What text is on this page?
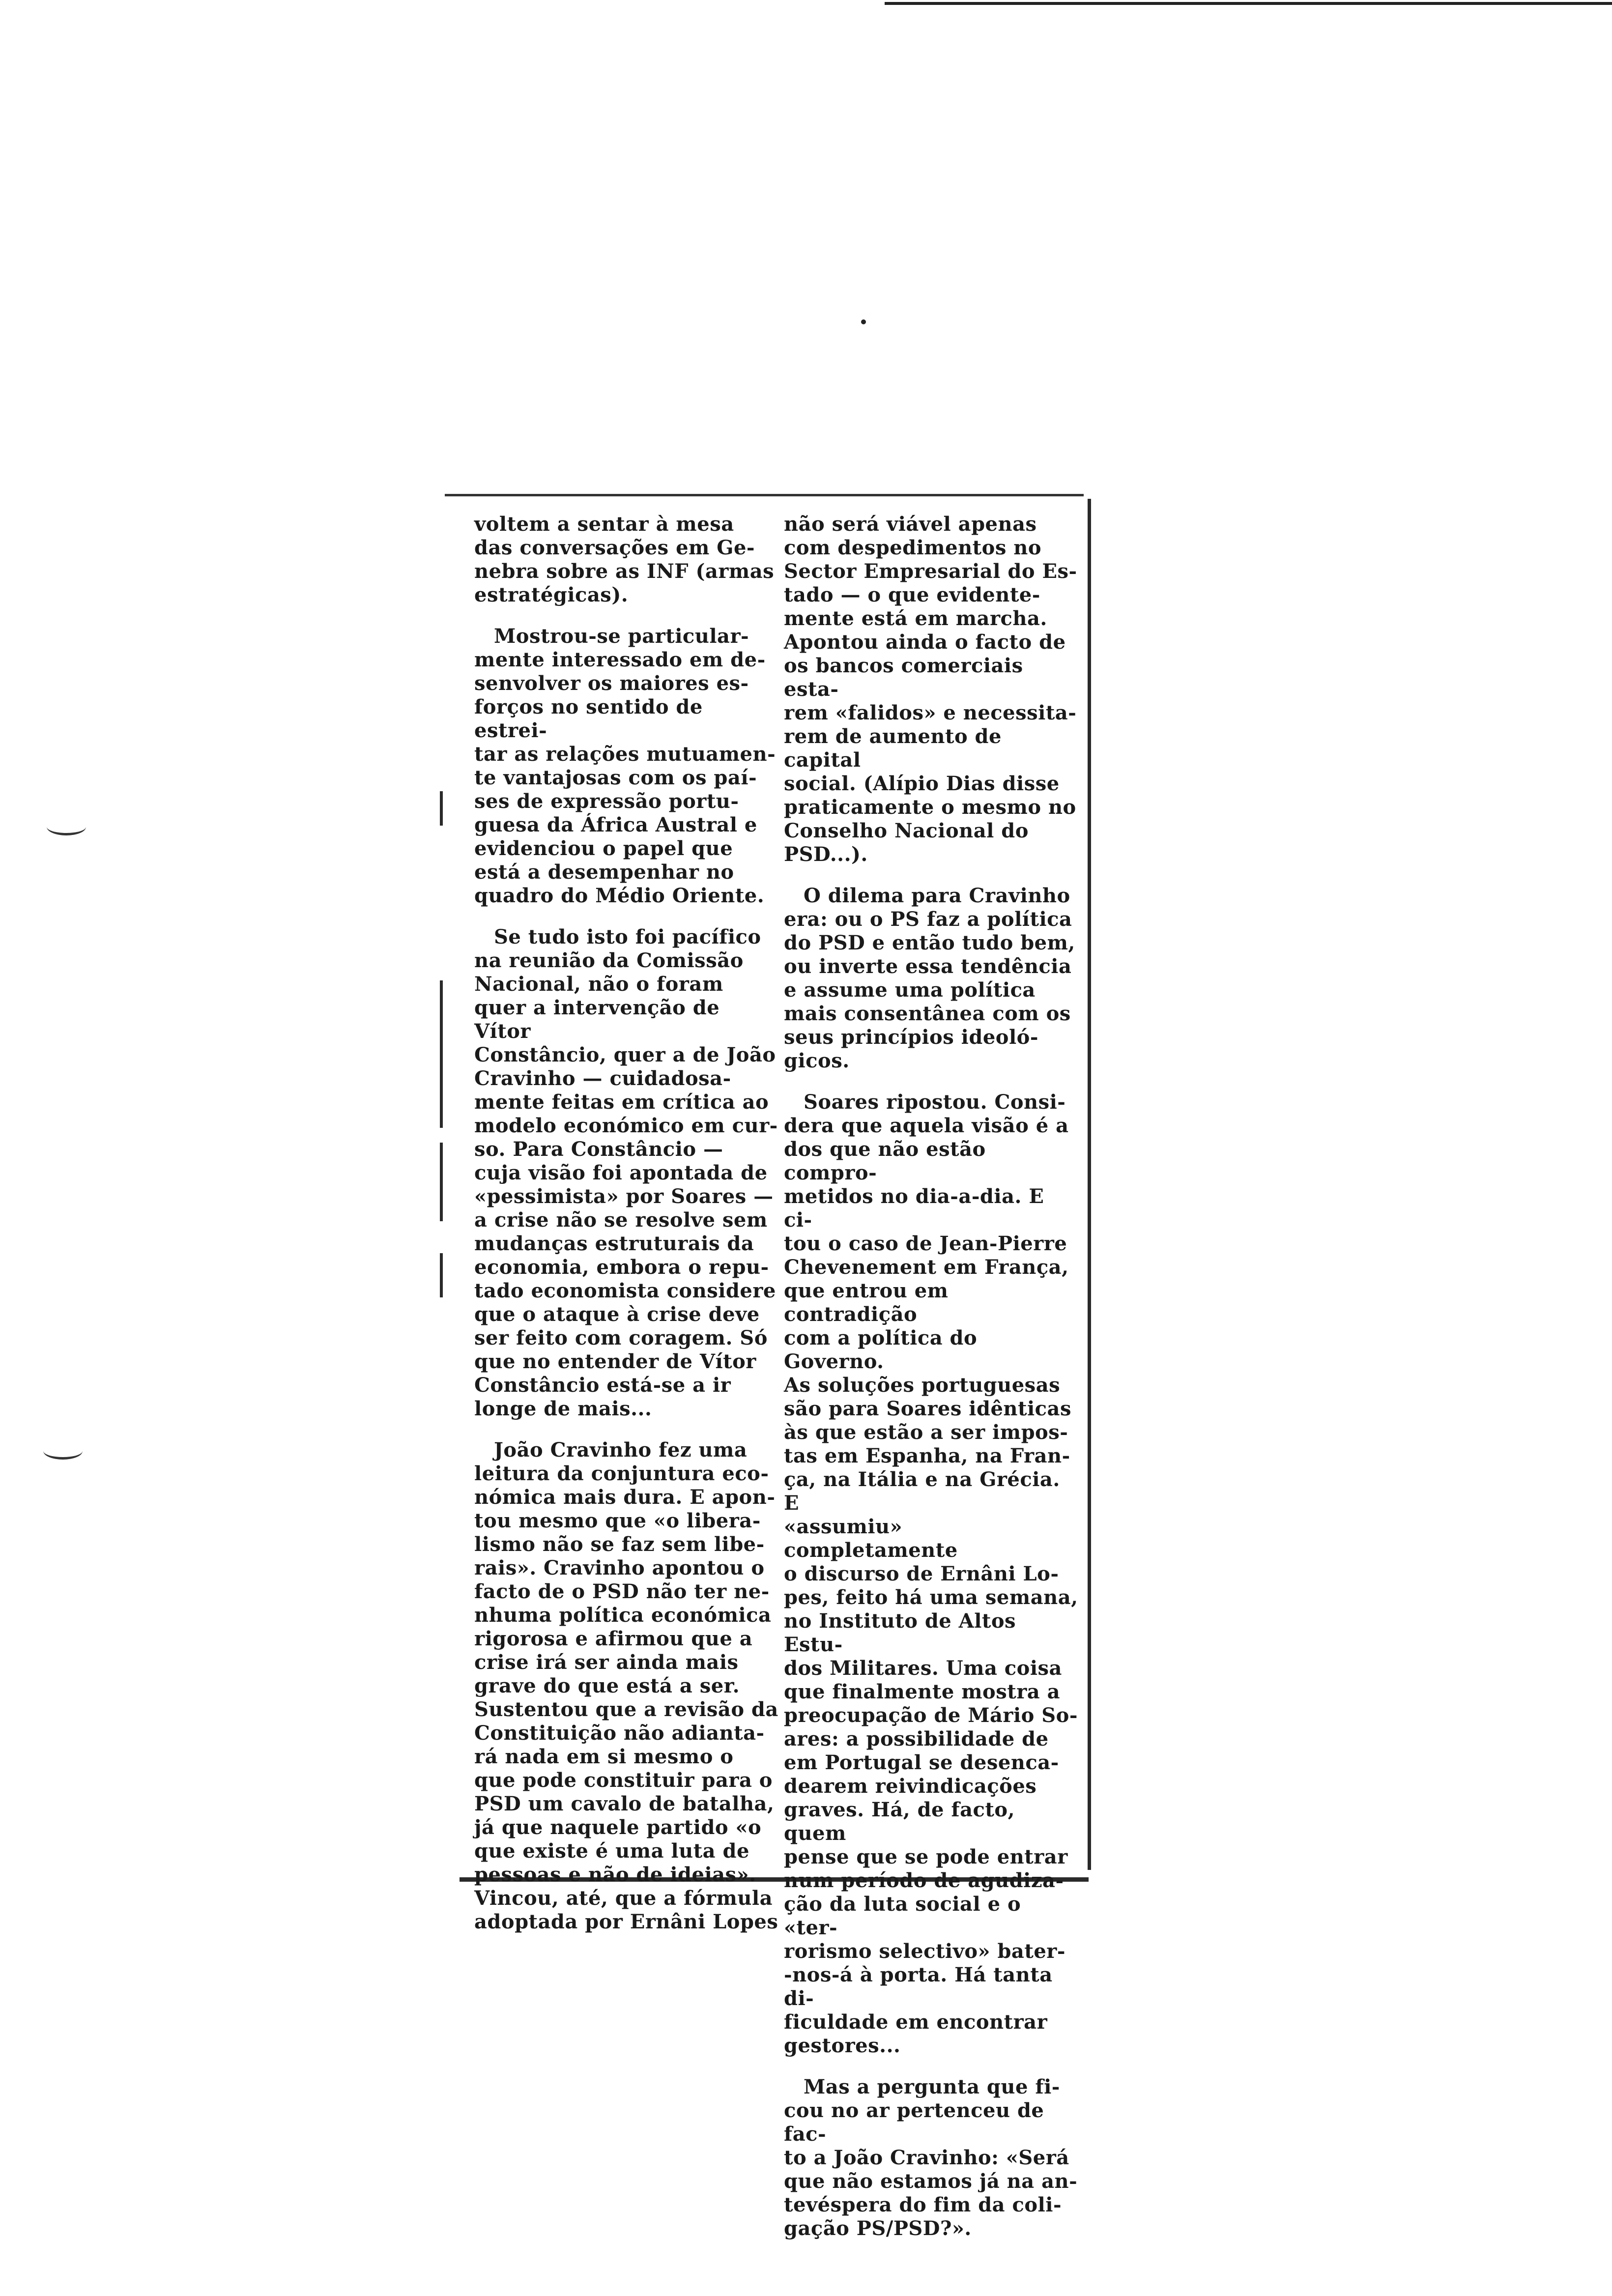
voltem a sentar à mesa
das conversações em Ge-
nebra sobre as INF (armas
estratégicas).

Mostrou-se particular-
mente interessado em de-
senvolver os maiores es-
forços no sentido de estrei-
tar as relações mutuamen-
te vantajosas com os paí-
ses de expressão portu-
guesa da África Austral e
evidenciou o papel que
está a desempenhar no
quadro do Médio Oriente.

Se tudo isto foi pacífico
na reunião da Comissão
Nacional, não o foram
quer a intervenção de Vítor
Constâncio, quer a de João
Cravinho — cuidadosa-
mente feitas em crítica ao
modelo económico em cur-
so. Para Constâncio —
cuja visão foi apontada de
«pessimista» por Soares —
a crise não se resolve sem
mudanças estruturais da
economia, embora o repu-
tado economista considere
que o ataque à crise deve
ser feito com coragem. Só
que no entender de Vítor
Constâncio está-se a ir
longe de mais...

João Cravinho fez uma
leitura da conjuntura eco-
nómica mais dura. E apon-
tou mesmo que «o libera-
lismo não se faz sem libe-
rais». Cravinho apontou o
facto de o PSD não ter ne-
nhuma política económica
rigorosa e afirmou que a
crise irá ser ainda mais
grave do que está a ser.
Sustentou que a revisão da
Constituição não adianta-
rá nada em si mesmo o
que pode constituir para o
PSD um cavalo de batalha,
já que naquele partido «o
que existe é uma luta de
pessoas e não de ideias».
Vincou, até, que a fórmula
adoptada por Ernâni Lopes

não será viável apenas
com despedimentos no
Sector Empresarial do Es-
tado — o que evidente-
mente está em marcha.
Apontou ainda o facto de
os bancos comerciais esta-
rem «falidos» e necessita-
rem de aumento de capital
social. (Alípio Dias disse
praticamente o mesmo no
Conselho Nacional do
PSD...).

O dilema para Cravinho
era: ou o PS faz a política
do PSD e então tudo bem,
ou inverte essa tendência
e assume uma política
mais consentânea com os
seus princípios ideoló-
gicos.

Soares ripostou. Consi-
dera que aquela visão é a
dos que não estão compro-
metidos no dia-a-dia. E ci-
tou o caso de Jean-Pierre
Chevenement em França,
que entrou em contradição
com a política do Governo.
As soluções portuguesas
são para Soares idênticas
às que estão a ser impos-
tas em Espanha, na Fran-
ça, na Itália e na Grécia. E
«assumiu» completamente
o discurso de Ernâni Lo-
pes, feito há uma semana,
no Instituto de Altos Estu-
dos Militares. Uma coisa
que finalmente mostra a
preocupação de Mário So-
ares: a possibilidade de
em Portugal se desenca-
dearem reivindicações
graves. Há, de facto, quem
pense que se pode entrar
num período de agudiza-
ção da luta social e o «ter-
rorismo selectivo» bater-
-nos-á à porta. Há tanta di-
ficuldade em encontrar
gestores...

Mas a pergunta que fi-
cou no ar pertenceu de fac-
to a João Cravinho: «Será
que não estamos já na an-
tevéspera do fim da coli-
gação PS/PSD?».
